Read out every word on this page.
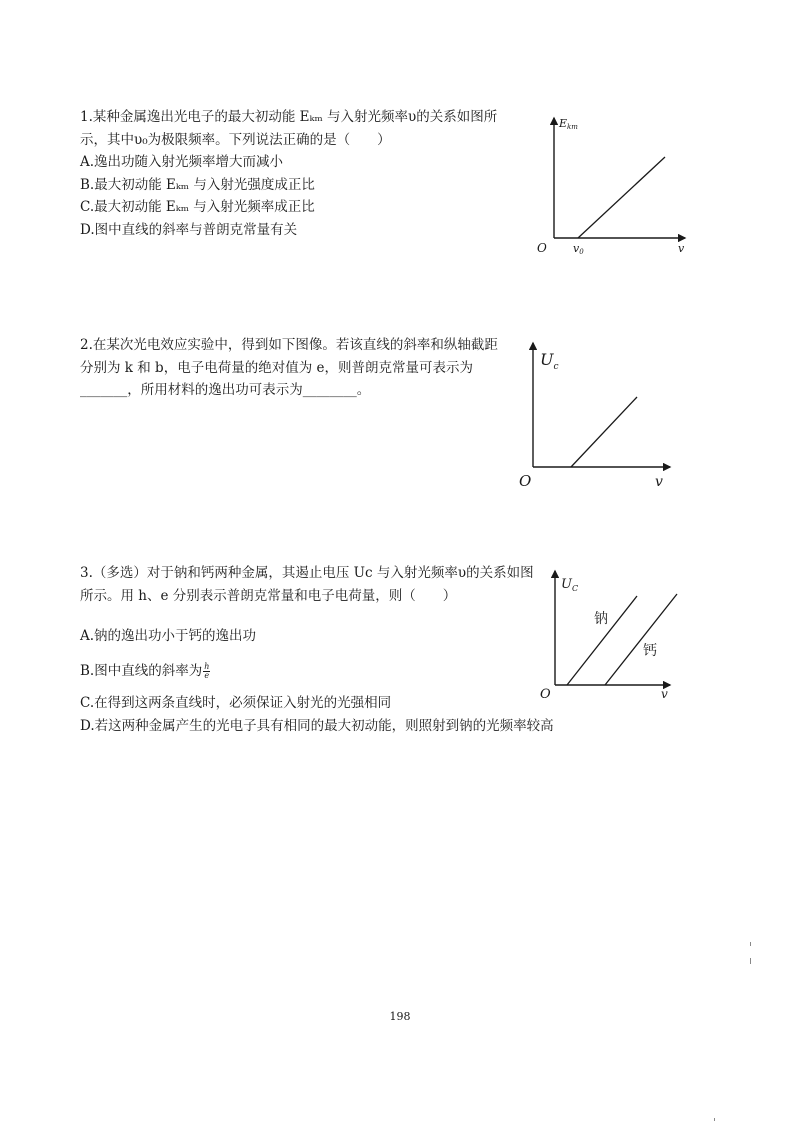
1.某种金属逸出光电子的最大初动能 Eₖₘ 与入射光频率υ的关系如图所

示，其中υ₀为极限频率。下列说法正确的是（　　）

A.逸出功随入射光频率增大而减小

B.最大初动能 Eₖₘ 与入射光强度成正比

C.最大初动能 Eₖₘ 与入射光频率成正比

D.图中直线的斜率与普朗克常量有关

Ekm
O v0	v

2.在某次光电效应实验中，得到如下图像。若该直线的斜率和纵轴截距

分别为 k 和 b，电子电荷量的绝对值为 e，则普朗克常量可表示为

_______，所用材料的逸出功可表示为________。

$U_c$
O	v

3.（多选）对于钠和钙两种金属，其遏止电压 Uc 与入射光频率υ的关系如图

所示。用 h、e 分别表示普朗克常量和电子电荷量，则（　　）

A.钠的逸出功小于钙的逸出功

B.图中直线的斜率为 $\frac{h}{e}$

C.在得到这两条直线时，必须保证入射光的光强相同

D.若这两种金属产生的光电子具有相同的最大初动能，则照射到钠的光频率较高

$U_C$
钠
钙
O	v
198
